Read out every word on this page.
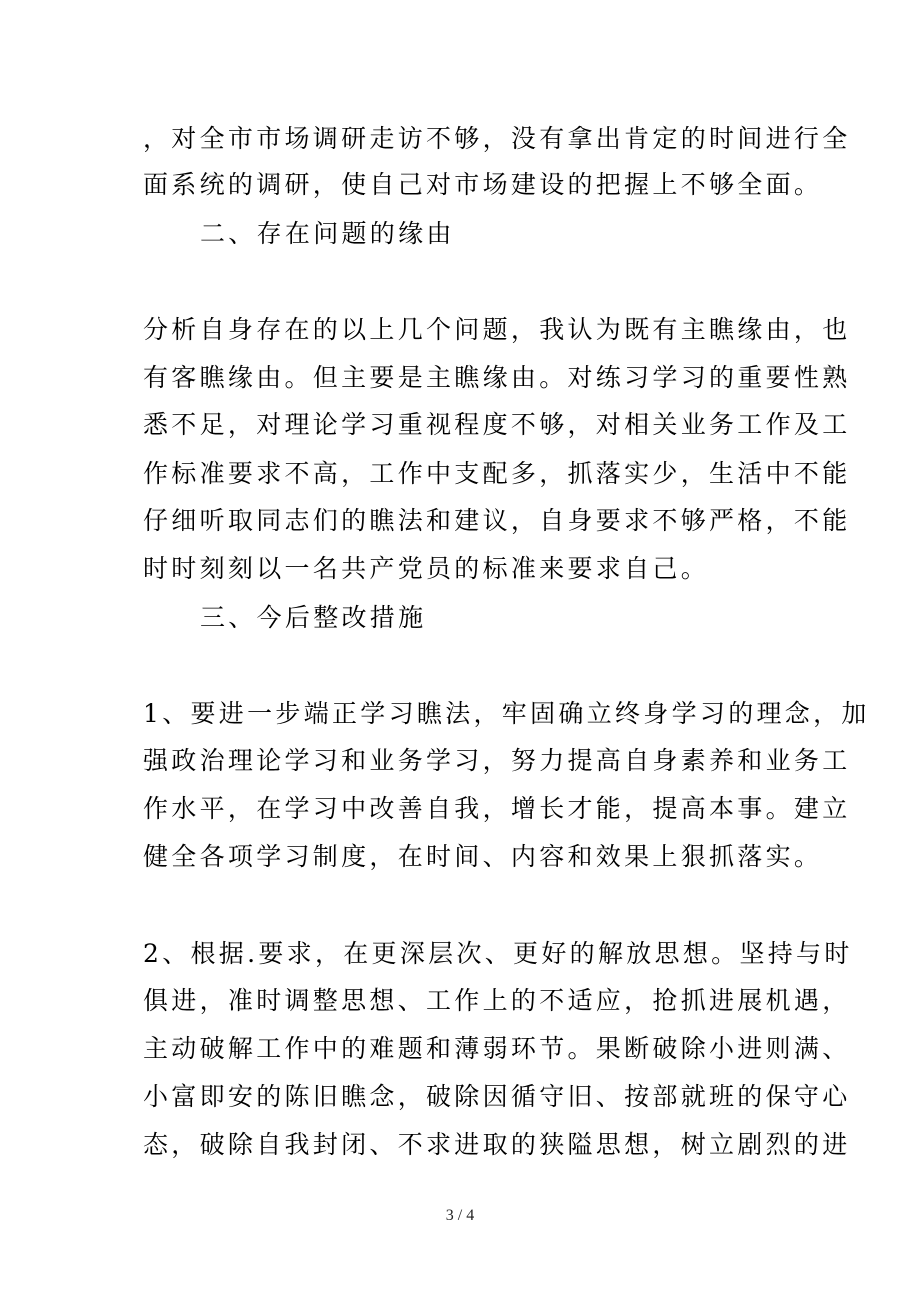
，对全市市场调研走访不够，没有拿出肯定的时间进行全
面系统的调研，使自己对市场建设的把握上不够全面。
二、存在问题的缘由
分析自身存在的以上几个问题，我认为既有主瞧缘由，也
有客瞧缘由。但主要是主瞧缘由。对练习学习的重要性熟
悉不足，对理论学习重视程度不够，对相关业务工作及工
作标准要求不高，工作中支配多，抓落实少，生活中不能
仔细听取同志们的瞧法和建议，自身要求不够严格，不能
时时刻刻以一名共产党员的标准来要求自己。
三、今后整改措施
1、要进一步端正学习瞧法，牢固确立终身学习的理念，加
强政治理论学习和业务学习，努力提高自身素养和业务工
作水平，在学习中改善自我，增长才能，提高本事。建立
健全各项学习制度，在时间、内容和效果上狠抓落实。
2、根据.要求，在更深层次、更好的解放思想。坚持与时
俱进，准时调整思想、工作上的不适应，抢抓进展机遇，
主动破解工作中的难题和薄弱环节。果断破除小进则满、
小富即安的陈旧瞧念，破除因循守旧、按部就班的保守心
态，破除自我封闭、不求进取的狭隘思想，树立剧烈的进
3 / 4
